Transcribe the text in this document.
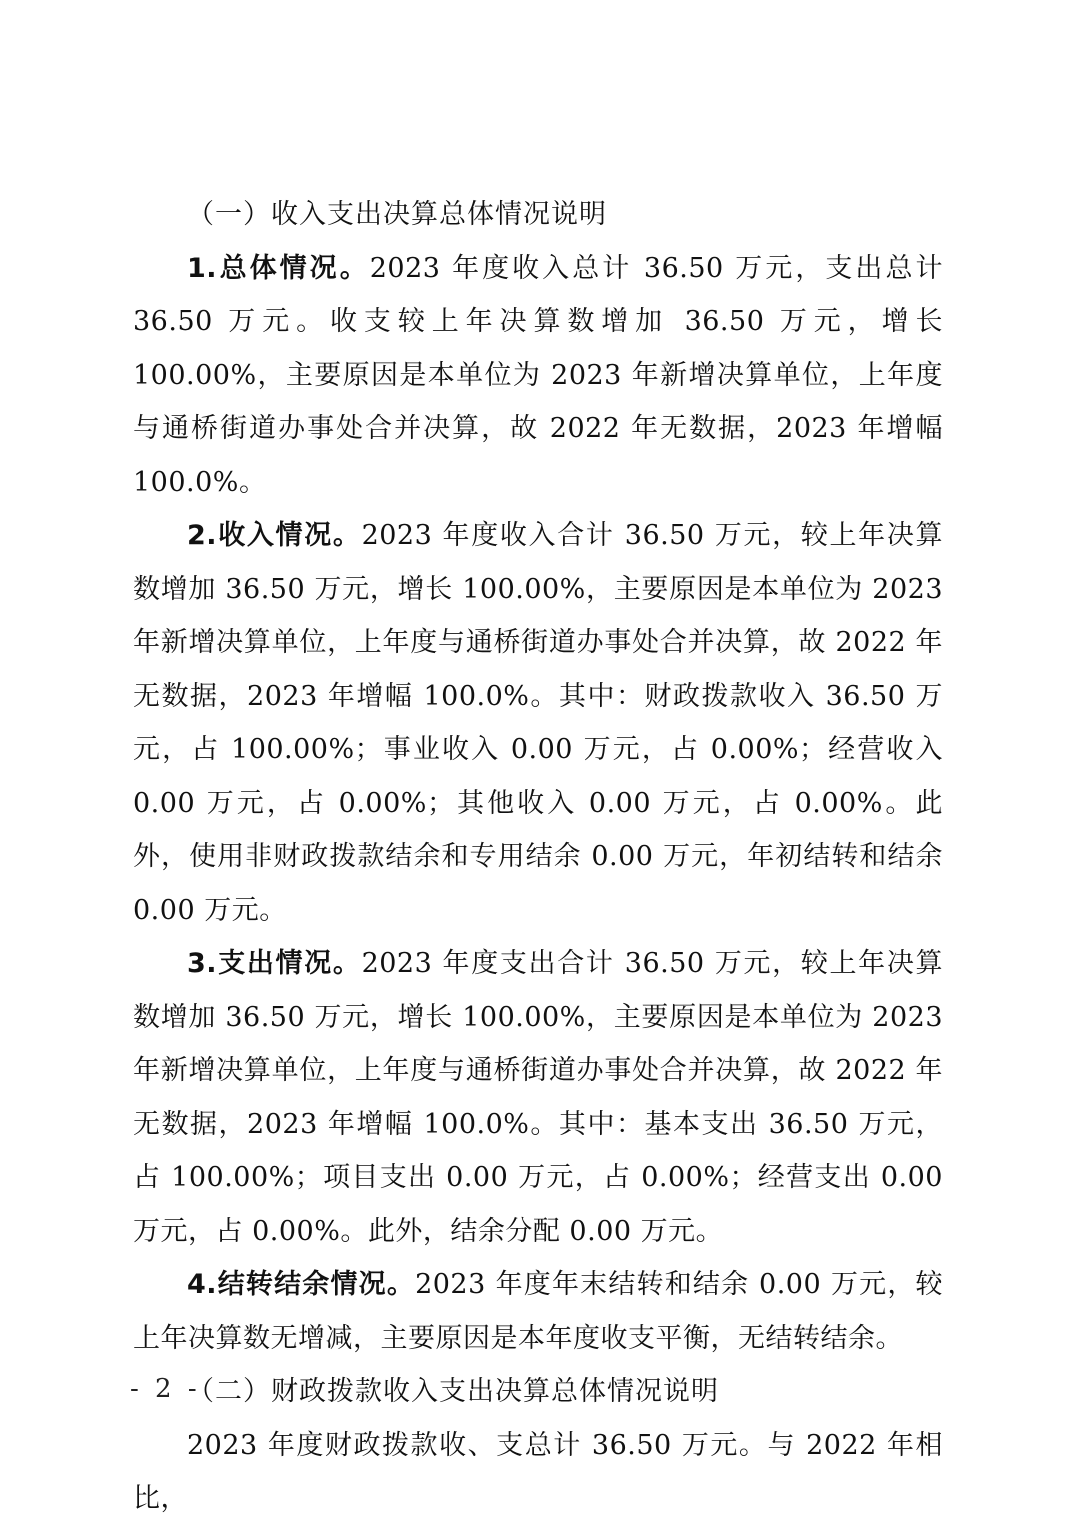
（一）收入支出决算总体情况说明

1.总体情况。2023 年度收入总计 36.50 万元，支出总计 36.50 万元。收支较上年决算数增加 36.50 万元，增长 100.00%，主要原因是本单位为 2023 年新增决算单位，上年度与通桥街道办事处合并决算，故 2022 年无数据，2023 年增幅 100.0%。

2.收入情况。2023 年度收入合计 36.50 万元，较上年决算数增加 36.50 万元，增长 100.00%，主要原因是本单位为 2023 年新增决算单位，上年度与通桥街道办事处合并决算，故 2022 年无数据，2023 年增幅 100.0%。其中：财政拨款收入 36.50 万元，占 100.00%；事业收入 0.00 万元，占 0.00%；经营收入 0.00 万元，占 0.00%；其他收入 0.00 万元，占 0.00%。此外，使用非财政拨款结余和专用结余 0.00 万元，年初结转和结余 0.00 万元。

3.支出情况。2023 年度支出合计 36.50 万元，较上年决算数增加 36.50 万元，增长 100.00%，主要原因是本单位为 2023 年新增决算单位，上年度与通桥街道办事处合并决算，故 2022 年无数据，2023 年增幅 100.0%。其中：基本支出 36.50 万元，占 100.00%；项目支出 0.00 万元，占 0.00%；经营支出 0.00 万元，占 0.00%。此外，结余分配 0.00 万元。

4.结转结余情况。2023 年度年末结转和结余 0.00 万元，较上年决算数无增减，主要原因是本年度收支平衡，无结转结余。

（二）财政拨款收入支出决算总体情况说明

2023 年度财政拨款收、支总计 36.50 万元。与 2022 年相比，

- 2 -
